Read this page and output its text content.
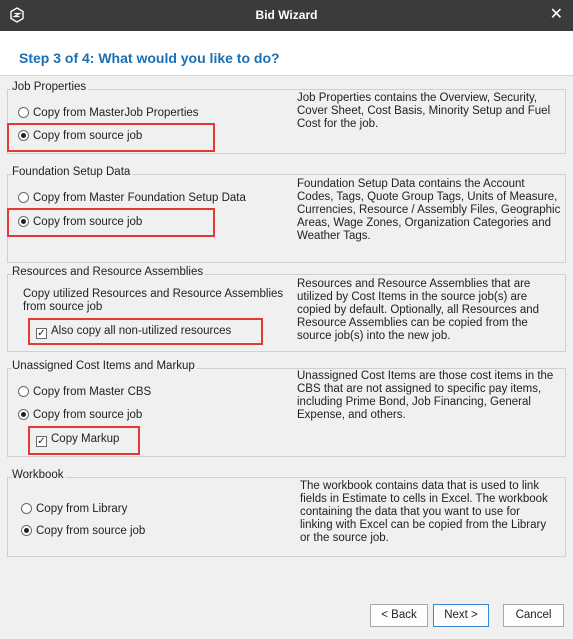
Bid Wizard	✕
Step 3 of 4: What would you like to do?
Job Properties
Copy from MasterJob Properties
Copy from source job
Job Properties contains the Overview, Security, Cover Sheet, Cost Basis, Minority Setup and Fuel Cost for the job.
Foundation Setup Data
Copy from Master Foundation Setup Data
Copy from source job
Foundation Setup Data contains the Account Codes, Tags, Quote Group Tags, Units of Measure, Currencies, Resource / Assembly Files, Geographic Areas, Wage Zones, Organization Categories and Weather Tags.
Resources and Resource Assemblies
Copy utilized Resources and Resource Assemblies from source job
✓ Also copy all non-utilized resources
Resources and Resource Assemblies that are utilized by Cost Items in the source job(s) are copied by default. Optionally, all Resources and Resource Assemblies can be copied from the source job(s) into the new job.
Unassigned Cost Items and Markup
Copy from Master CBS
Copy from source job
✓ Copy Markup
Unassigned Cost Items are those cost items in the CBS that are not assigned to specific pay items, including Prime Bond, Job Financing, General Expense, and others.
Workbook
Copy from Library
Copy from source job
The workbook contains data that is used to link fields in Estimate to cells in Excel. The workbook containing the data that you want to use for linking with Excel can be copied from the Library or the source job.
< Back	Next >	Cancel
